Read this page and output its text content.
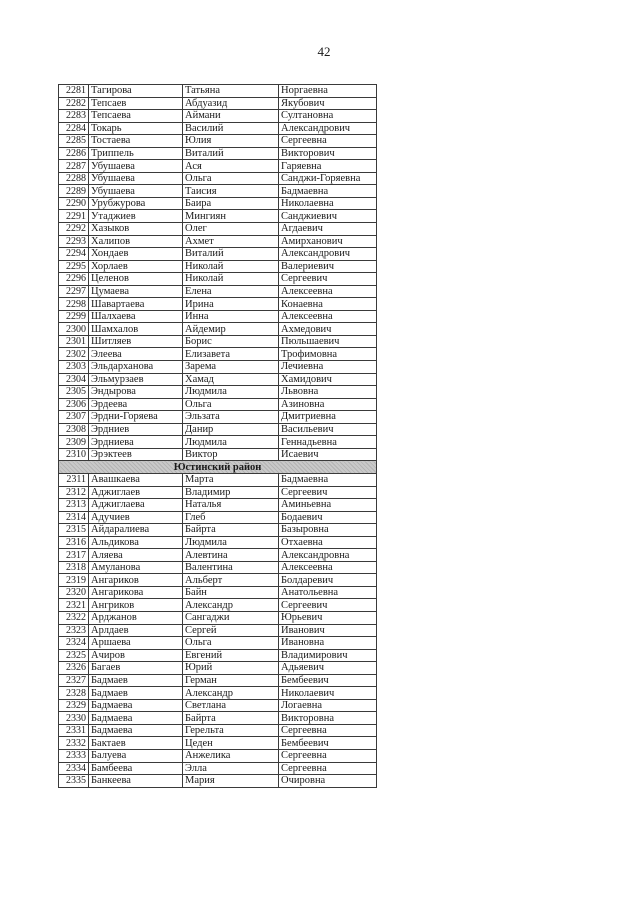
42
2281	Тагирова	Татьяна	Норгаевна
2282	Тепсаев	Абдуазид	Якубович
2283	Тепсаева	Аймани	Султановна
2284	Токарь	Василий	Александрович
2285	Тостаева	Юлия	Сергеевна
2286	Триппель	Виталий	Викторович
2287	Убушаева	Ася	Гаряевна
2288	Убушаева	Ольга	Санджи-Горяевна
2289	Убушаева	Таисия	Бадмаевна
2290	Урубжурова	Баира	Николаевна
2291	Утаджиев	Мингиян	Санджиевич
2292	Хазыков	Олег	Агдаевич
2293	Халипов	Ахмет	Амирханович
2294	Хондаев	Виталий	Александрович
2295	Хорлаев	Николай	Валериевич
2296	Целенов	Николай	Сергеевич
2297	Цумаева	Елена	Алексеевна
2298	Шавартаева	Ирина	Конаевна
2299	Шалхаева	Инна	Алексеевна
2300	Шамхалов	Айдемир	Ахмедович
2301	Шитляев	Борис	Пюльшаевич
2302	Элеева	Елизавета	Трофимовна
2303	Эльдарханова	Зарема	Лечиевна
2304	Эльмурзаев	Хамад	Хамидович
2305	Эндырова	Людмила	Львовна
2306	Эрдеева	Ольга	Азиновна
2307	Эрдни-Горяева	Эльзата	Дмитриевна
2308	Эрдниев	Данир	Васильевич
2309	Эрдниева	Людмила	Геннадьевна
2310	Эрэктеев	Виктор	Исаевич
Юстинский район			
2311	Авашкаева	Марта	Бадмаевна
2312	Аджиглаев	Владимир	Сергеевич
2313	Аджиглаева	Наталья	Аминьевна
2314	Адучиев	Глеб	Бодаевич
2315	Айдаралиева	Байрта	Базыровна
2316	Альдикова	Людмила	Отхаевна
2317	Аляева	Алевтина	Александровна
2318	Амуланова	Валентина	Алексеевна
2319	Ангариков	Альберт	Болдаревич
2320	Ангарикова	Байн	Анатольевна
2321	Ангриков	Александр	Сергеевич
2322	Арджанов	Сангаджи	Юрьевич
2323	Арлдаев	Сергей	Иванович
2324	Аршаева	Ольга	Ивановна
2325	Ачиров	Евгений	Владимирович
2326	Багаев	Юрий	Адьяевич
2327	Бадмаев	Герман	Бембеевич
2328	Бадмаев	Александр	Николаевич
2329	Бадмаева	Светлана	Логаевна
2330	Бадмаева	Байрта	Викторовна
2331	Бадмаева	Герельта	Сергеевна
2332	Бактаев	Цеден	Бембеевич
2333	Балуева	Анжелика	Сергеевна
2334	Бамбеева	Элла	Сергеевна
2335	Банкеева	Мария	Очировна
